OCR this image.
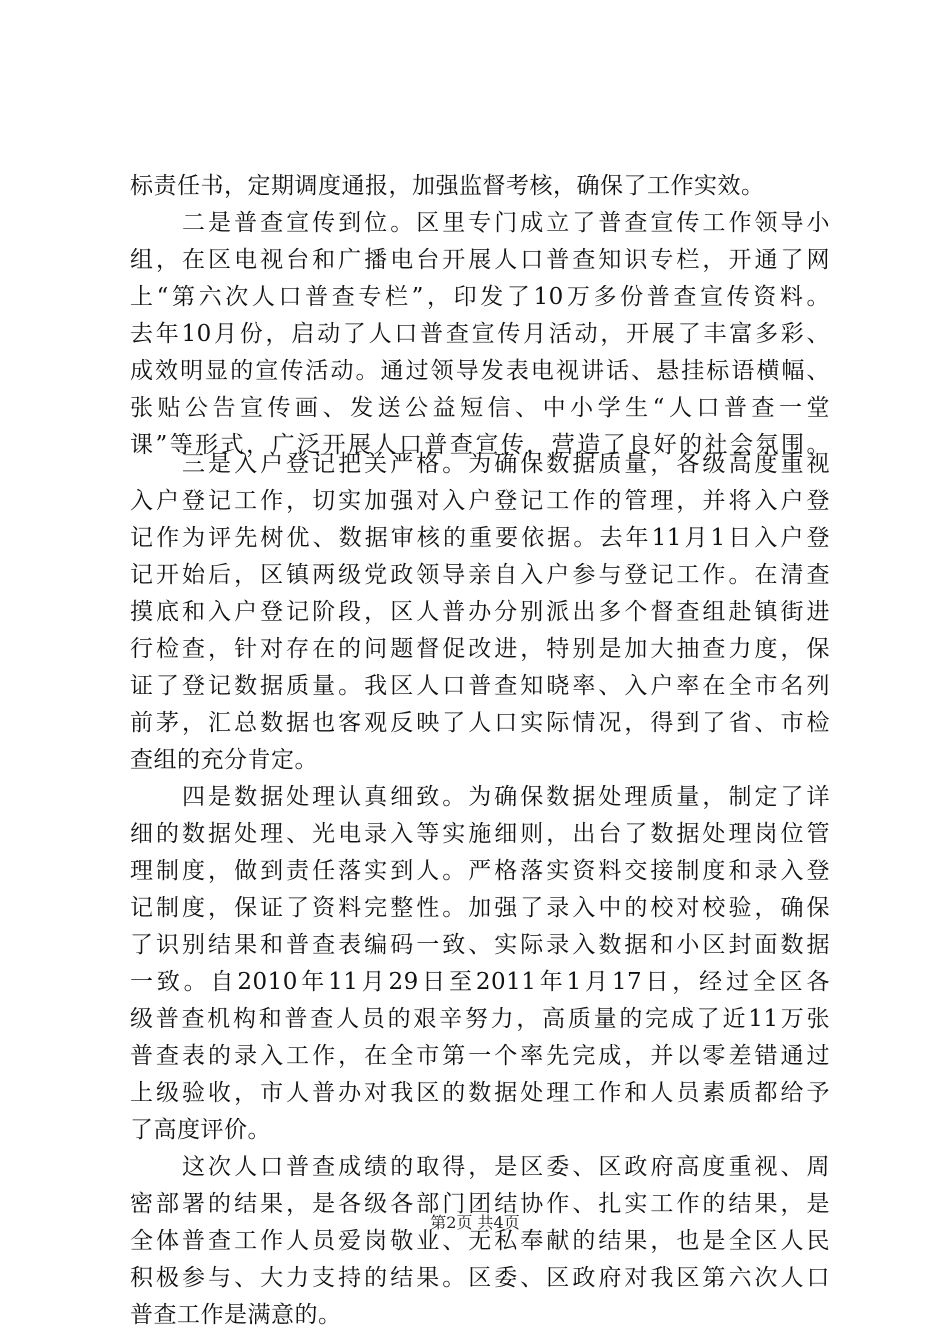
标责任书，定期调度通报，加强监督考核，确保了工作实效。
　　二是普查宣传到位。区里专门成立了普查宣传工作领导小
组，在区电视台和广播电台开展人口普查知识专栏，开通了网
上“第六次人口普查专栏”，印发了10万多份普查宣传资料。
去年10月份，启动了人口普查宣传月活动，开展了丰富多彩、
成效明显的宣传活动。通过领导发表电视讲话、悬挂标语横幅、
张贴公告宣传画、发送公益短信、中小学生“人口普查一堂
课”等形式，广泛开展人口普查宣传，营造了良好的社会氛围。
　　三是入户登记把关严格。为确保数据质量，各级高度重视
入户登记工作，切实加强对入户登记工作的管理，并将入户登
记作为评先树优、数据审核的重要依据。去年11月1日入户登
记开始后，区镇两级党政领导亲自入户参与登记工作。在清查
摸底和入户登记阶段，区人普办分别派出多个督查组赴镇街进
行检查，针对存在的问题督促改进，特别是加大抽查力度，保
证了登记数据质量。我区人口普查知晓率、入户率在全市名列
前茅，汇总数据也客观反映了人口实际情况，得到了省、市检
查组的充分肯定。
　　四是数据处理认真细致。为确保数据处理质量，制定了详
细的数据处理、光电录入等实施细则，出台了数据处理岗位管
理制度，做到责任落实到人。严格落实资料交接制度和录入登
记制度，保证了资料完整性。加强了录入中的校对校验，确保
了识别结果和普查表编码一致、实际录入数据和小区封面数据
一致。自2010年11月29日至2011年1月17日，经过全区各
级普查机构和普查人员的艰辛努力，高质量的完成了近11万张
普查表的录入工作，在全市第一个率先完成，并以零差错通过
上级验收，市人普办对我区的数据处理工作和人员素质都给予
了高度评价。
　　这次人口普查成绩的取得，是区委、区政府高度重视、周
密部署的结果，是各级各部门团结协作、扎实工作的结果，是
全体普查工作人员爱岗敬业、无私奉献的结果，也是全区人民
积极参与、大力支持的结果。区委、区政府对我区第六次人口
普查工作是满意的。
第2页 共4页
